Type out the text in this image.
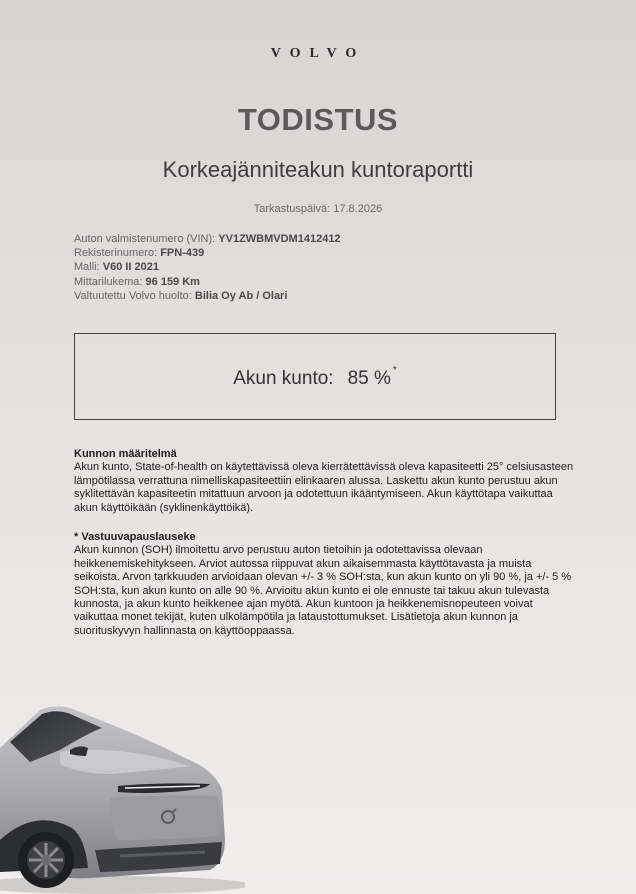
VOLVO
TODISTUS
Korkeajänniteakun kuntoraportti
Tarkastuspäivä: 17.8.2026
Auton valmistenumero (VIN): YV1ZWBMVDM1412412
Rekisterinumero: FPN-439
Malli: V60 II 2021
Mittarilukema: 96 159 Km
Valtuutettu Volvo huolto: Bilia Oy Ab / Olari
Akun kunto: 85 % *
Kunnon määritelmä
Akun kunto, State-of-health on käytettävissä oleva kierrätettävissä oleva kapasiteetti 25° celsiusasteen lämpötilassa verrattuna nimelliskapasiteettiin elinkaaren alussa. Laskettu akun kunto perustuu akun syklitettävän kapasiteetin mitattuun arvoon ja odotettuun ikääntymiseen. Akun käyttötapa vaikuttaa akun käyttöikään (syklinenkäyttöikä).
* Vastuuvapauslauseke
Akun kunnon (SOH) ilmoitettu arvo perustuu auton tietoihin ja odotettavissa olevaan heikkenemiskehitykseen. Arviot autossa riippuvat akun aikaisemmasta käyttötavasta ja muista seikoista. Arvon tarkkuuden arvioidaan olevan +/- 3 % SOH:sta, kun akun kunto on yli 90 %, ja +/- 5 % SOH:sta, kun akun kunto on alle 90 %. Arvioitu akun kunto ei ole ennuste tai takuu akun tulevasta kunnosta, ja akun kunto heikkenee ajan myötä. Akun kuntoon ja heikkenemisnopeuteen voivat vaikuttaa monet tekijät, kuten ulkolämpötila ja lataustottumukset. Lisätietoja akun kunnon ja suorituskyvyn hallinnasta on käyttöoppaassa.
